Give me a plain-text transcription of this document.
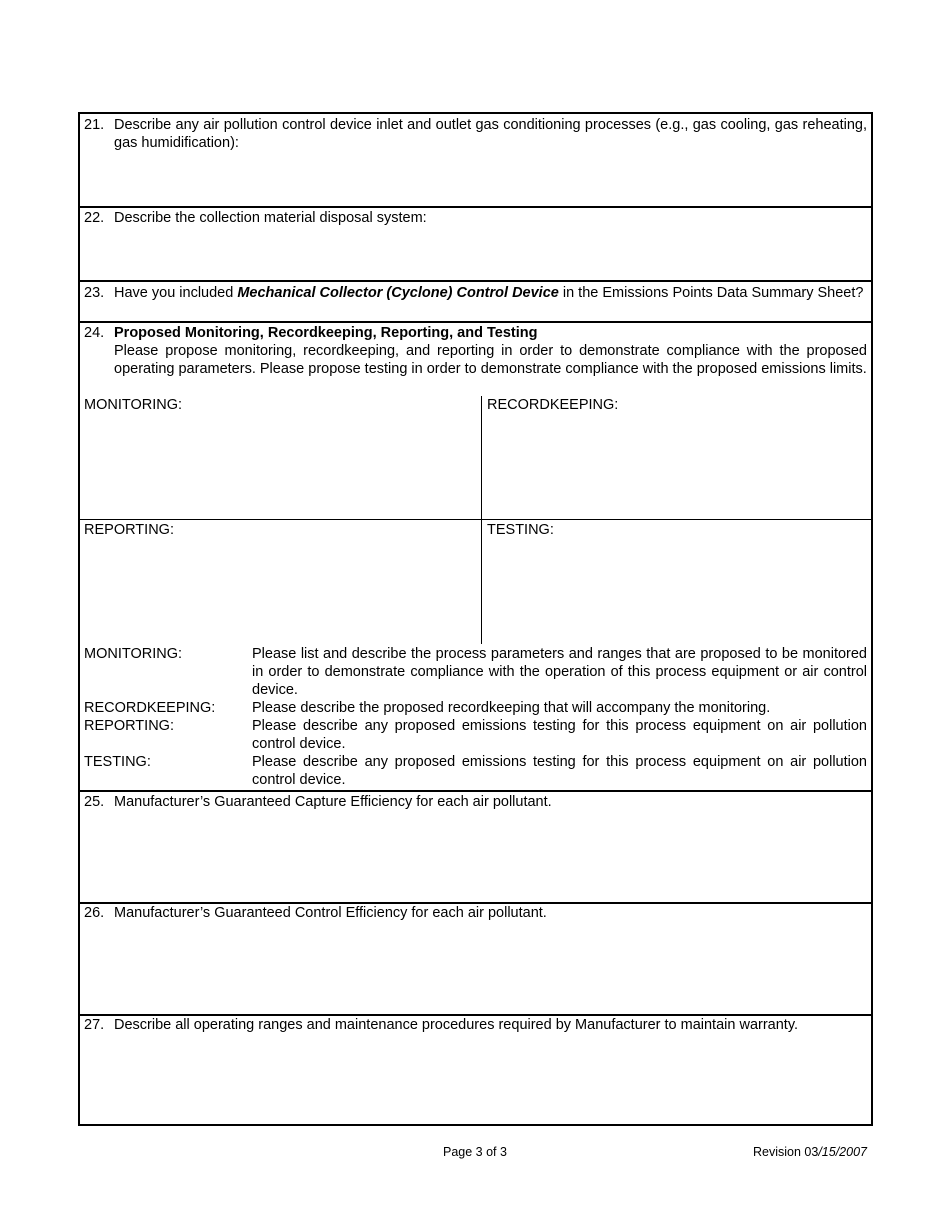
21. Describe any air pollution control device inlet and outlet gas conditioning processes (e.g., gas cooling, gas reheating, gas humidification):
22. Describe the collection material disposal system:
23. Have you included Mechanical Collector (Cyclone) Control Device in the Emissions Points Data Summary Sheet?
24. Proposed Monitoring, Recordkeeping, Reporting, and Testing
Please propose monitoring, recordkeeping, and reporting in order to demonstrate compliance with the proposed operating parameters. Please propose testing in order to demonstrate compliance with the proposed emissions limits.
MONITORING:	RECORDKEEPING:
REPORTING:	TESTING:
MONITORING:	Please list and describe the process parameters and ranges that are proposed to be monitored in order to demonstrate compliance with the operation of this process equipment or air control device.
RECORDKEEPING:	Please describe the proposed recordkeeping that will accompany the monitoring.
REPORTING:	Please describe any proposed emissions testing for this process equipment on air pollution control device.
TESTING:	Please describe any proposed emissions testing for this process equipment on air pollution control device.
25. Manufacturer’s Guaranteed Capture Efficiency for each air pollutant.
26. Manufacturer’s Guaranteed Control Efficiency for each air pollutant.
27. Describe all operating ranges and maintenance procedures required by Manufacturer to maintain warranty.
Page 3 of 3	Revision 03/15/2007
